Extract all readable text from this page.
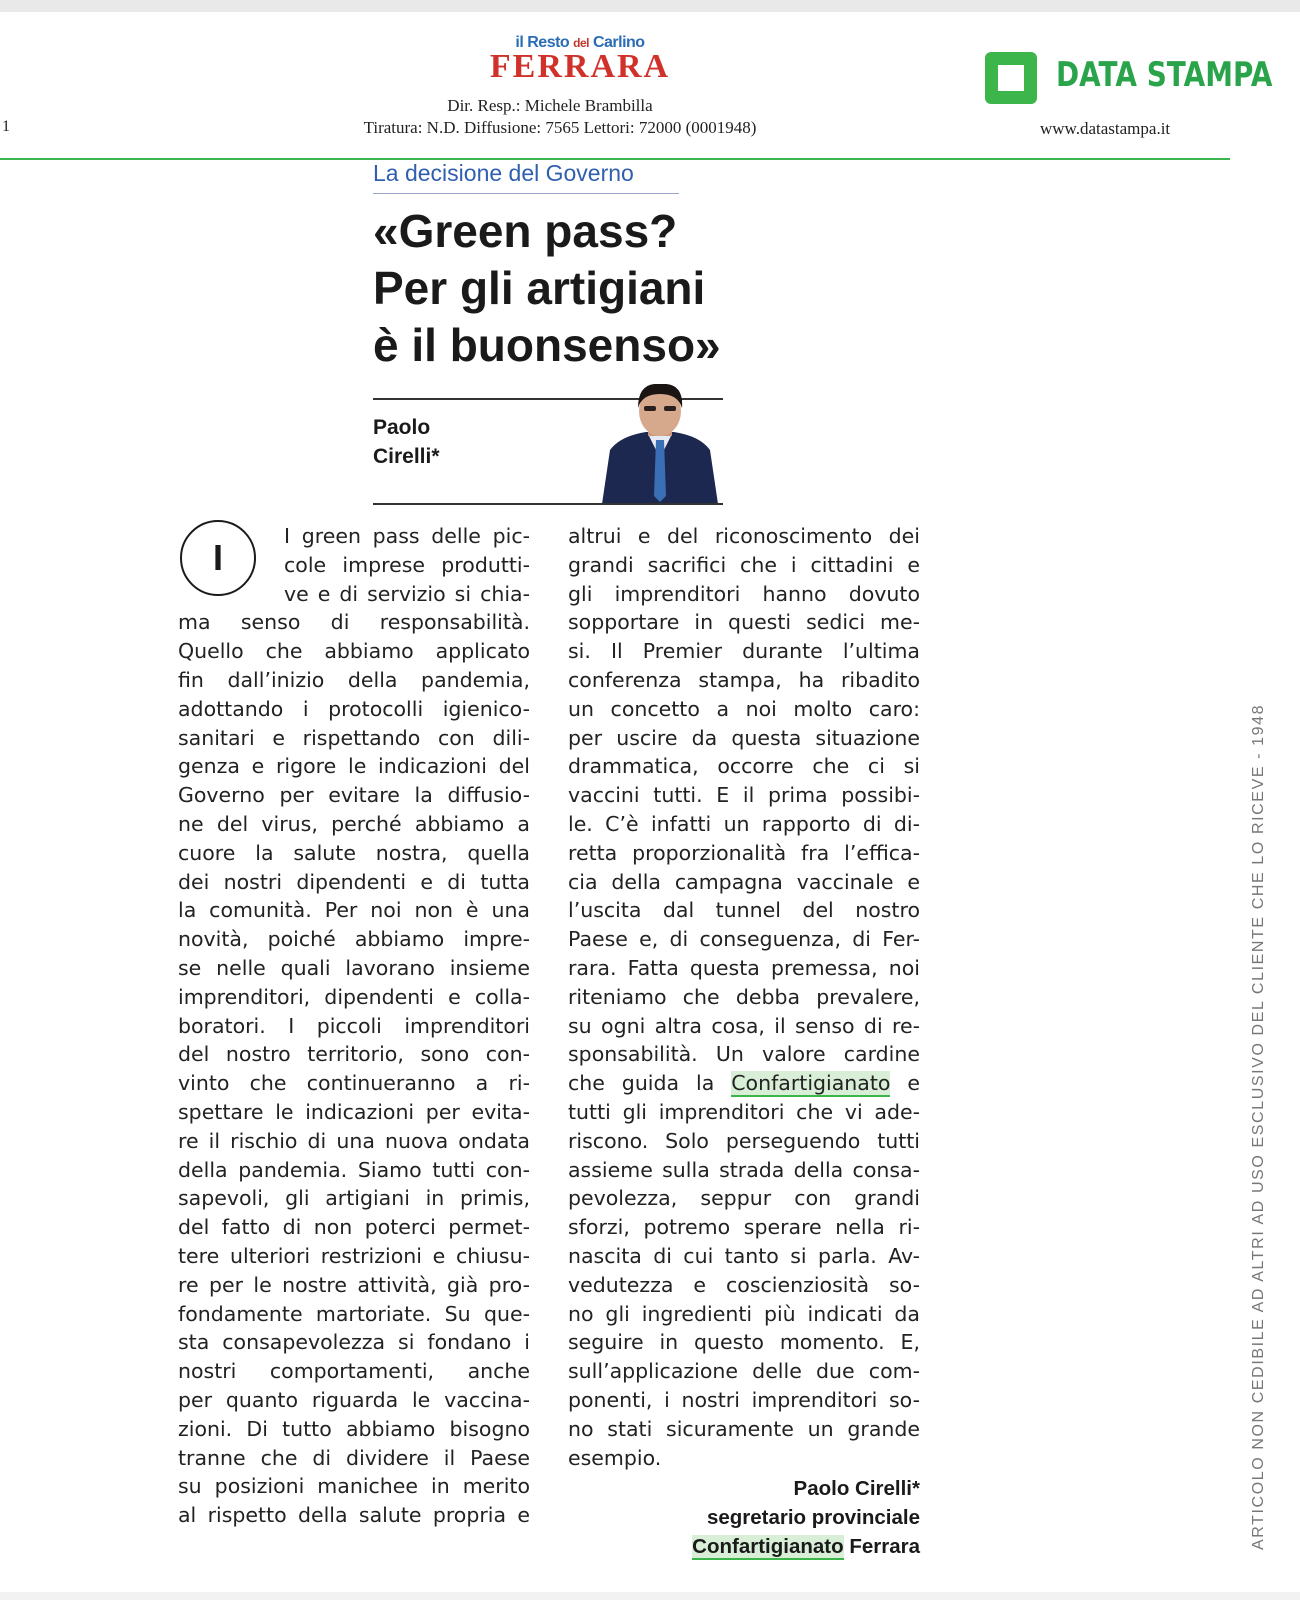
1
il Resto del Carlino
FERRARA
Dir. Resp.: Michele Brambilla
Tiratura: N.D. Diffusione: 7565 Lettori: 72000 (0001948)
DATA STAMPA
www.datastampa.it
La decisione del Governo
«Green pass?
Per gli artigiani
è il buonsenso»
Paolo
Cirelli*
I
I green pass delle pic-
cole imprese produtti-
ve e di servizio si chia-
ma senso di responsabilità.
Quello che abbiamo applicato
fin dall’inizio della pandemia,
adottando i protocolli igienico-
sanitari e rispettando con dili-
genza e rigore le indicazioni del
Governo per evitare la diffusio-
ne del virus, perché abbiamo a
cuore la salute nostra, quella
dei nostri dipendenti e di tutta
la comunità. Per noi non è una
novità, poiché abbiamo impre-
se nelle quali lavorano insieme
imprenditori, dipendenti e colla-
boratori. I piccoli imprenditori
del nostro territorio, sono con-
vinto che continueranno a ri-
spettare le indicazioni per evita-
re il rischio di una nuova ondata
della pandemia. Siamo tutti con-
sapevoli, gli artigiani in primis,
del fatto di non poterci permet-
tere ulteriori restrizioni e chiusu-
re per le nostre attività, già pro-
fondamente martoriate. Su que-
sta consapevolezza si fondano i
nostri comportamenti, anche
per quanto riguarda le vaccina-
zioni. Di tutto abbiamo bisogno
tranne che di dividere il Paese
su posizioni manichee in merito
al rispetto della salute propria e
altrui e del riconoscimento dei
grandi sacrifici che i cittadini e
gli imprenditori hanno dovuto
sopportare in questi sedici me-
si. Il Premier durante l’ultima
conferenza stampa, ha ribadito
un concetto a noi molto caro:
per uscire da questa situazione
drammatica, occorre che ci si
vaccini tutti. E il prima possibi-
le. C’è infatti un rapporto di di-
retta proporzionalità fra l’effica-
cia della campagna vaccinale e
l’uscita dal tunnel del nostro
Paese e, di conseguenza, di Fer-
rara. Fatta questa premessa, noi
riteniamo che debba prevalere,
su ogni altra cosa, il senso di re-
sponsabilità. Un valore cardine
che guida la Confartigianato e
tutti gli imprenditori che vi ade-
riscono. Solo perseguendo tutti
assieme sulla strada della consa-
pevolezza, seppur con grandi
sforzi, potremo sperare nella ri-
nascita di cui tanto si parla. Av-
vedutezza e coscienziosità so-
no gli ingredienti più indicati da
seguire in questo momento. E,
sull’applicazione delle due com-
ponenti, i nostri imprenditori so-
no stati sicuramente un grande
esempio.
Paolo Cirelli*
segretario provinciale
Confartigianato Ferrara	ARTICOLO NON CEDIBILE AD ALTRI AD USO ESCLUSIVO DEL CLIENTE CHE LO RICEVE - 1948
